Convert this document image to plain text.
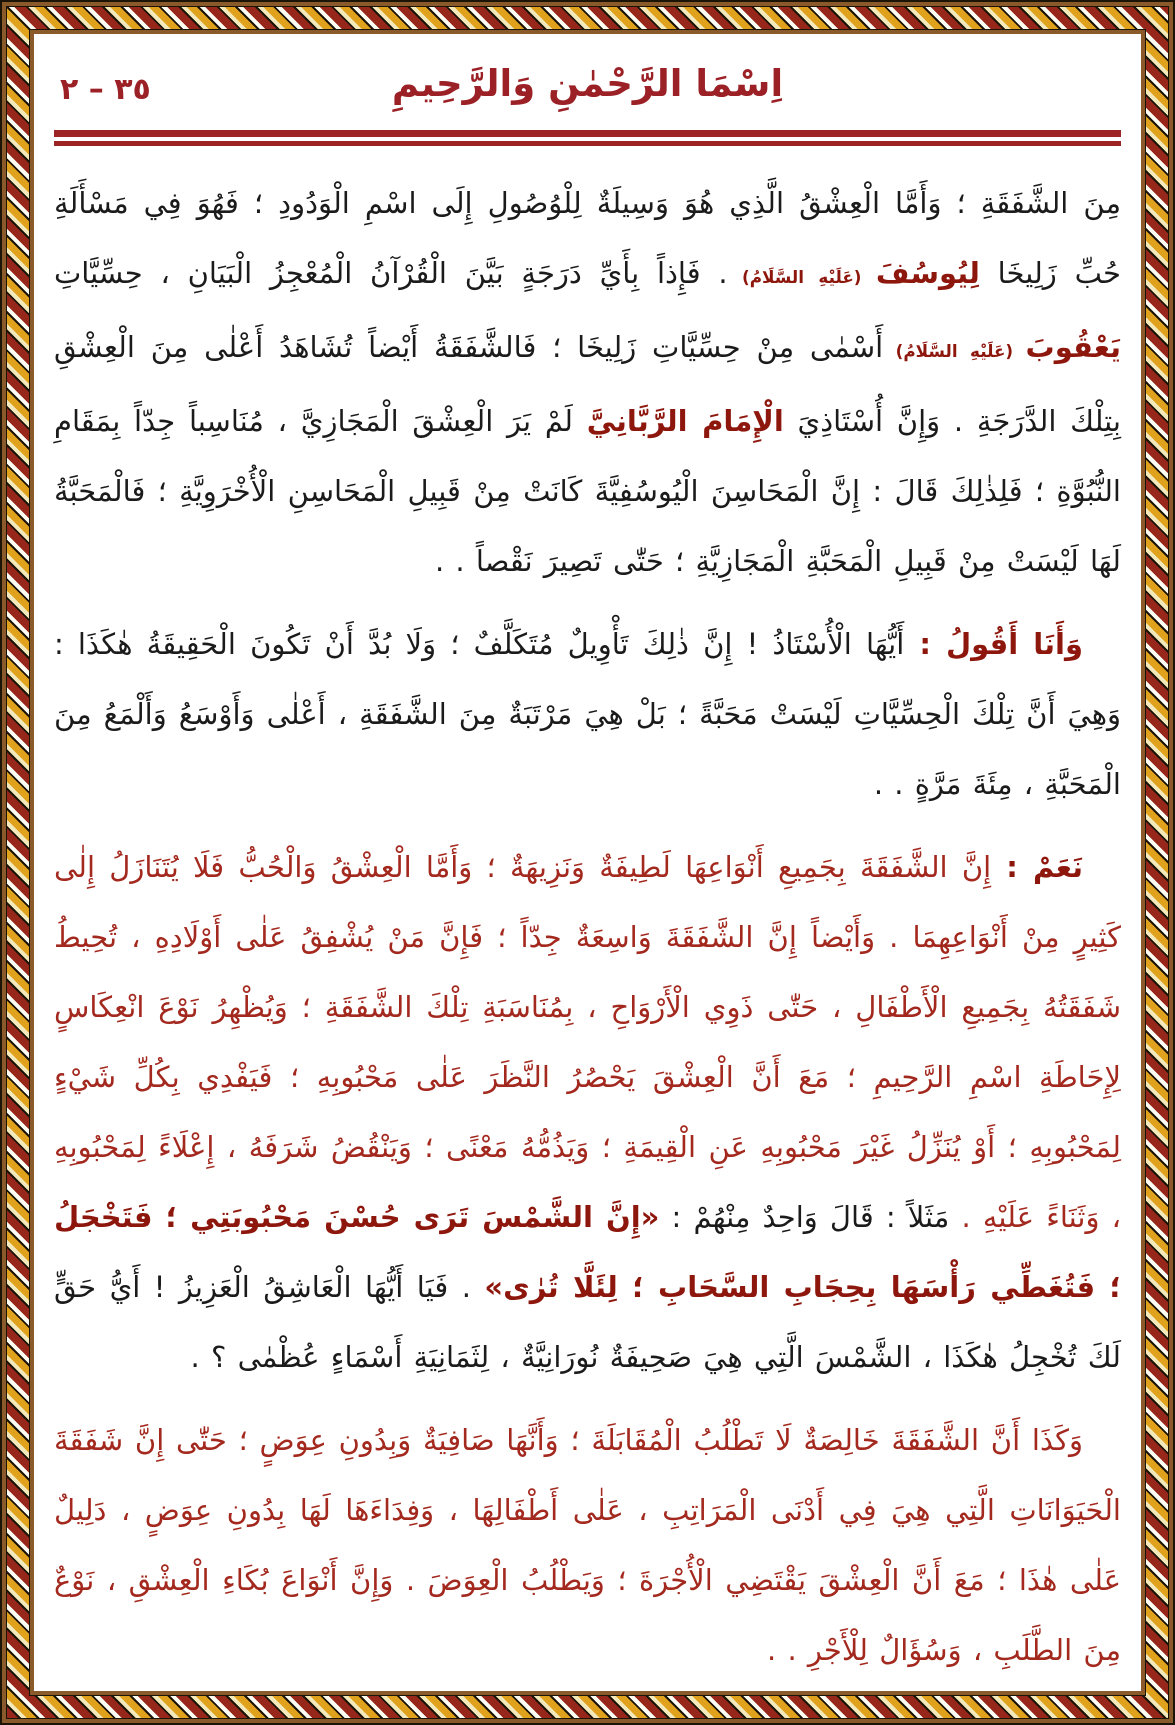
٣٥ – ٢	اِسْمَا الرَّحْمٰنِ وَالرَّحِيمِ

مِنَ الشَّفَقَةِ ؛ وَأَمَّا الْعِشْقُ الَّذِي هُوَ وَسِيلَةٌ لِلْوُصُولِ إِلَى اسْمِ الْوَدُودِ ؛ فَهُوَ فِي مَسْأَلَةِ حُبِّ زَلِيخَا لِيُوسُفَ (عَلَيْهِ السَّلَامُ) . فَإِذاً بِأَيِّ دَرَجَةٍ بَيَّنَ الْقُرْآنُ الْمُعْجِزُ الْبَيَانِ ، حِسِّيَّاتِ يَعْقُوبَ (عَلَيْهِ السَّلَامُ) أَسْمٰى مِنْ حِسِّيَّاتِ زَلِيخَا ؛ فَالشَّفَقَةُ أَيْضاً تُشَاهَدُ أَعْلٰى مِنَ الْعِشْقِ بِتِلْكَ الدَّرَجَةِ . وَإِنَّ أُسْتَاذِيَ الْإِمَامَ الرَّبَّانِيَّ لَمْ يَرَ الْعِشْقَ الْمَجَازِيَّ ، مُنَاسِباً جِدّاً بِمَقَامِ النُّبُوَّةِ ؛ فَلِذٰلِكَ قَالَ : إِنَّ الْمَحَاسِنَ الْيُوسُفِيَّةَ كَانَتْ مِنْ قَبِيلِ الْمَحَاسِنِ الْأُخْرَوِيَّةِ ؛ فَالْمَحَبَّةُ لَهَا لَيْسَتْ مِنْ قَبِيلِ الْمَحَبَّةِ الْمَجَازِيَّةِ ؛ حَتّٰى تَصِيرَ نَقْصاً . .

وَأَنَا أَقُولُ : أَيُّهَا الْأُسْتَاذُ ! إِنَّ ذٰلِكَ تَأْوِيلٌ مُتَكَلَّفٌ ؛ وَلَا بُدَّ أَنْ تَكُونَ الْحَقِيقَةُ هٰكَذَا : وَهِيَ أَنَّ تِلْكَ الْحِسِّيَّاتِ لَيْسَتْ مَحَبَّةً ؛ بَلْ هِيَ مَرْتَبَةٌ مِنَ الشَّفَقَةِ ، أَعْلٰى وَأَوْسَعُ وَأَلْمَعُ مِنَ الْمَحَبَّةِ ، مِئَةَ مَرَّةٍ . .

نَعَمْ : إِنَّ الشَّفَقَةَ بِجَمِيعِ أَنْوَاعِهَا لَطِيفَةٌ وَنَزِيهَةٌ ؛ وَأَمَّا الْعِشْقُ وَالْحُبُّ فَلَا يُتَنَازَلُ إِلٰى كَثِيرٍ مِنْ أَنْوَاعِهِمَا . وَأَيْضاً إِنَّ الشَّفَقَةَ وَاسِعَةٌ جِدّاً ؛ فَإِنَّ مَنْ يُشْفِقُ عَلٰى أَوْلَادِهِ ، تُحِيطُ شَفَقَتُهُ بِجَمِيعِ الْأَطْفَالِ ، حَتّٰى ذَوِي الْأَرْوَاحِ ، بِمُنَاسَبَةِ تِلْكَ الشَّفَقَةِ ؛ وَيُظْهِرُ نَوْعَ انْعِكَاسٍ لِإِحَاطَةِ اسْمِ الرَّحِيمِ ؛ مَعَ أَنَّ الْعِشْقَ يَحْصُرُ النَّظَرَ عَلٰى مَحْبُوبِهِ ؛ فَيَفْدِي بِكُلِّ شَيْءٍ لِمَحْبُوبِهِ ؛ أَوْ يُنَزِّلُ غَيْرَ مَحْبُوبِهِ عَنِ الْقِيمَةِ ؛ وَيَذُمُّهُ مَعْنًى ؛ وَيَنْقُضُ شَرَفَهُ ، إِعْلَاءً لِمَحْبُوبِهِ ، وَثَنَاءً عَلَيْهِ . مَثَلاً : قَالَ وَاحِدٌ مِنْهُمْ : «إِنَّ الشَّمْسَ تَرَى حُسْنَ مَحْبُوبَتِي ؛ فَتَخْجَلُ ؛ فَتُغَطِّي رَأْسَهَا بِحِجَابِ السَّحَابِ ؛ لِئَلَّا تُرٰى» . فَيَا أَيُّهَا الْعَاشِقُ الْعَزِيزُ ! أَيُّ حَقٍّ لَكَ تُخْجِلُ هٰكَذَا ، الشَّمْسَ الَّتِي هِيَ صَحِيفَةٌ نُورَانِيَّةٌ ، لِثَمَانِيَةِ أَسْمَاءٍ عُظْمٰى ؟ .

وَكَذَا أَنَّ الشَّفَقَةَ خَالِصَةٌ لَا تَطْلُبُ الْمُقَابَلَةَ ؛ وَأَنَّهَا صَافِيَةٌ وَبِدُونِ عِوَضٍ ؛ حَتّٰى إِنَّ شَفَقَةَ الْحَيَوَانَاتِ الَّتِي هِيَ فِي أَدْنَى الْمَرَاتِبِ ، عَلٰى أَطْفَالِهَا ، وَفِدَاءَهَا لَهَا بِدُونِ عِوَضٍ ، دَلِيلٌ عَلٰى هٰذَا ؛ مَعَ أَنَّ الْعِشْقَ يَقْتَضِي الْأُجْرَةَ ؛ وَيَطْلُبُ الْعِوَضَ . وَإِنَّ أَنْوَاعَ بُكَاءِ الْعِشْقِ ، نَوْعٌ مِنَ الطَّلَبِ ، وَسُؤَالٌ لِلْأَجْرِ . .
